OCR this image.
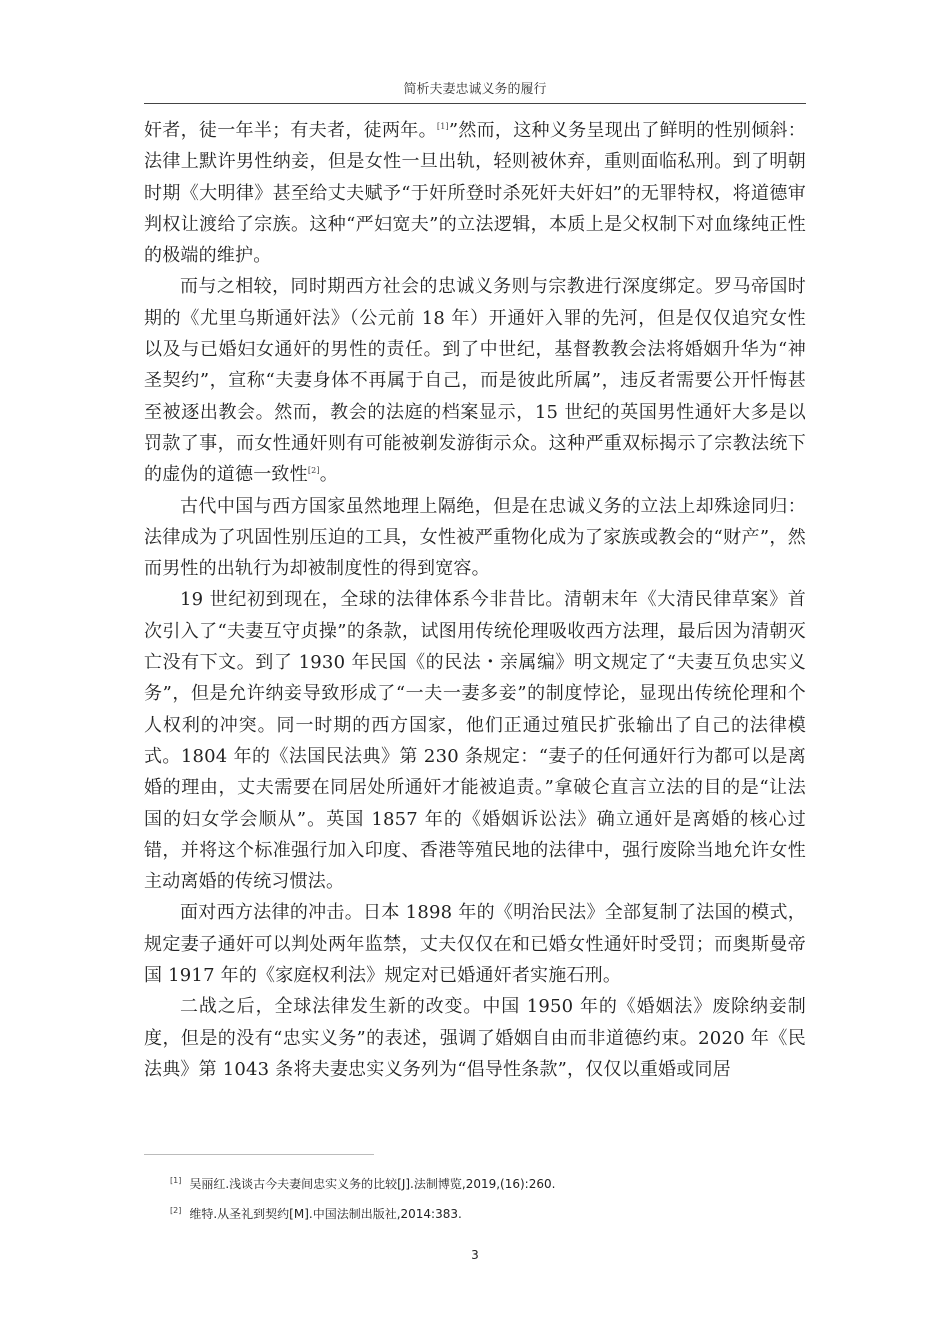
简析夫妻忠诚义务的履行

奸者，徒一年半；有夫者，徒两年。[1]”然而，这种义务呈现出了鲜明的性别倾斜：法律上默许男性纳妾，但是女性一旦出轨，轻则被休弃，重则面临私刑。到了明朝时期《大明律》甚至给丈夫赋予“于奸所登时杀死奸夫奸妇”的无罪特权，将道德审判权让渡给了宗族。这种“严妇宽夫”的立法逻辑，本质上是父权制下对血缘纯正性的极端的维护。

而与之相较，同时期西方社会的忠诚义务则与宗教进行深度绑定。罗马帝国时期的《尤里乌斯通奸法》（公元前 18 年）开通奸入罪的先河，但是仅仅追究女性以及与已婚妇女通奸的男性的责任。到了中世纪，基督教教会法将婚姻升华为“神圣契约”，宣称“夫妻身体不再属于自己，而是彼此所属”，违反者需要公开忏悔甚至被逐出教会。然而，教会的法庭的档案显示，15 世纪的英国男性通奸大多是以罚款了事，而女性通奸则有可能被剃发游街示众。这种严重双标揭示了宗教法统下的虚伪的道德一致性[2]。

古代中国与西方国家虽然地理上隔绝，但是在忠诚义务的立法上却殊途同归：法律成为了巩固性别压迫的工具，女性被严重物化成为了家族或教会的“财产”，然而男性的出轨行为却被制度性的得到宽容。

19 世纪初到现在，全球的法律体系今非昔比。清朝末年《大清民律草案》首次引入了“夫妻互守贞操”的条款，试图用传统伦理吸收西方法理，最后因为清朝灭亡没有下文。到了 1930 年民国《的民法・亲属编》明文规定了“夫妻互负忠实义务”，但是允许纳妾导致形成了“一夫一妻多妾”的制度悖论，显现出传统伦理和个人权利的冲突。同一时期的西方国家，他们正通过殖民扩张输出了自己的法律模式。1804 年的《法国民法典》第 230 条规定：“妻子的任何通奸行为都可以是离婚的理由，丈夫需要在同居处所通奸才能被追责。”拿破仑直言立法的目的是“让法国的妇女学会顺从”。英国 1857 年的《婚姻诉讼法》确立通奸是离婚的核心过错，并将这个标准强行加入印度、香港等殖民地的法律中，强行废除当地允许女性主动离婚的传统习惯法。

面对西方法律的冲击。日本 1898 年的《明治民法》全部复制了法国的模式，规定妻子通奸可以判处两年监禁，丈夫仅仅在和已婚女性通奸时受罚；而奥斯曼帝国 1917 年的《家庭权利法》规定对已婚通奸者实施石刑。

二战之后，全球法律发生新的改变。中国 1950 年的《婚姻法》废除纳妾制度，但是的没有“忠实义务”的表述，强调了婚姻自由而非道德约束。2020 年《民法典》第 1043 条将夫妻忠实义务列为“倡导性条款”，仅仅以重婚或同居

[1] 吴丽红.浅谈古今夫妻间忠实义务的比较[J].法制博览,2019,(16):260.
[2] 维特.从圣礼到契约[M].中国法制出版社,2014:383.
3
